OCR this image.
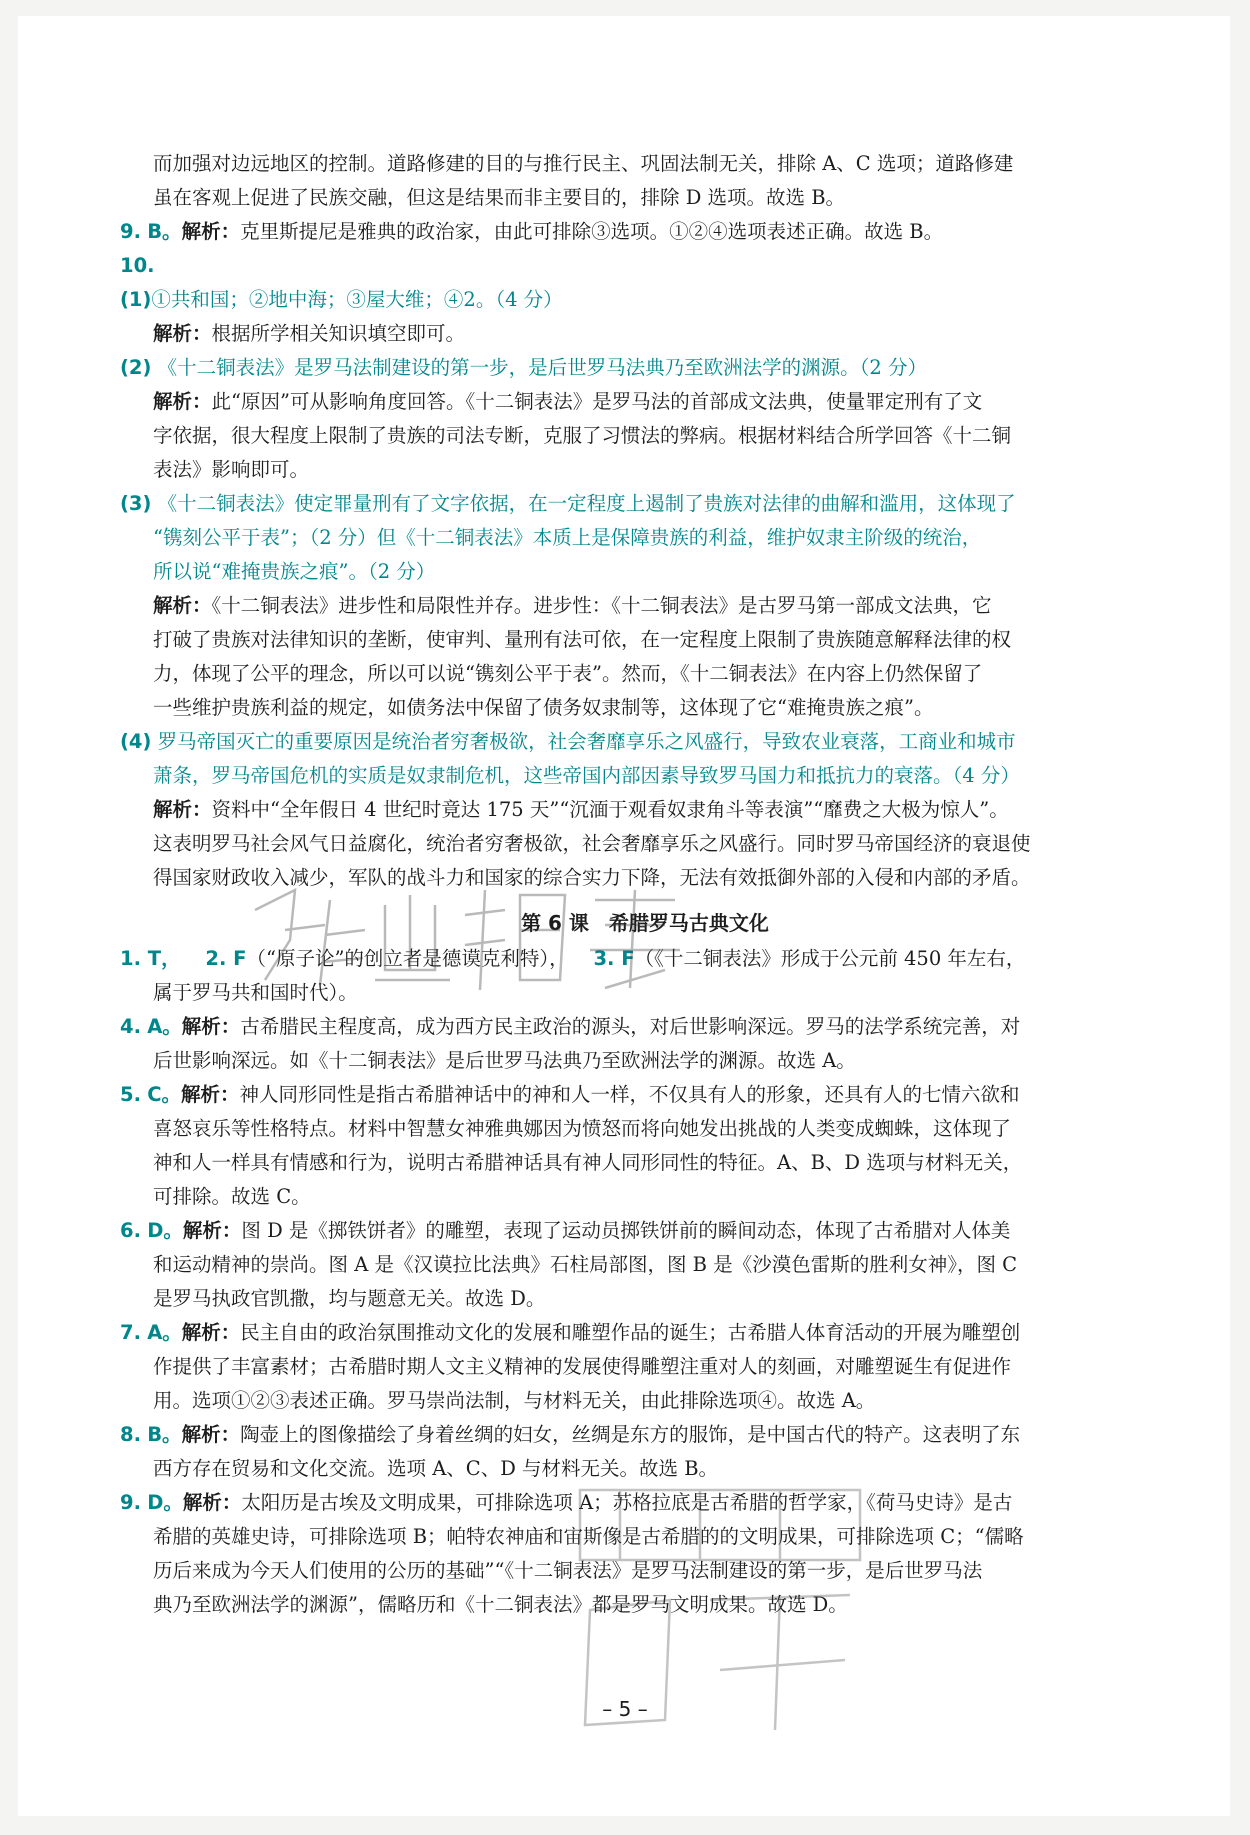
而加强对边远地区的控制。道路修建的目的与推行民主、巩固法制无关，排除 A、C 选项；道路修建

虽在客观上促进了民族交融，但这是结果而非主要目的，排除 D 选项。故选 B。

9. B。解析：克里斯提尼是雅典的政治家，由此可排除③选项。①②④选项表述正确。故选 B。

10.

(1)①共和国；②地中海；③屋大维；④2。（4 分）

解析：根据所学相关知识填空即可。

(2) 《十二铜表法》是罗马法制建设的第一步，是后世罗马法典乃至欧洲法学的渊源。（2 分）

解析：此“原因”可从影响角度回答。《十二铜表法》是罗马法的首部成文法典，使量罪定刑有了文

字依据，很大程度上限制了贵族的司法专断，克服了习惯法的弊病。根据材料结合所学回答《十二铜

表法》影响即可。

(3) 《十二铜表法》使定罪量刑有了文字依据，在一定程度上遏制了贵族对法律的曲解和滥用，这体现了

“镌刻公平于表”；（2 分）但《十二铜表法》本质上是保障贵族的利益，维护奴隶主阶级的统治，

所以说“难掩贵族之痕”。（2 分）

解析：《十二铜表法》进步性和局限性并存。进步性：《十二铜表法》是古罗马第一部成文法典，它

打破了贵族对法律知识的垄断，使审判、量刑有法可依，在一定程度上限制了贵族随意解释法律的权

力，体现了公平的理念，所以可以说“镌刻公平于表”。然而，《十二铜表法》在内容上仍然保留了

一些维护贵族利益的规定，如债务法中保留了债务奴隶制等，这体现了它“难掩贵族之痕”。

(4) 罗马帝国灭亡的重要原因是统治者穷奢极欲，社会奢靡享乐之风盛行，导致农业衰落，工商业和城市

萧条，罗马帝国危机的实质是奴隶制危机，这些帝国内部因素导致罗马国力和抵抗力的衰落。（4 分）

解析：资料中“全年假日 4 世纪时竟达 175 天”“沉湎于观看奴隶角斗等表演”“靡费之大极为惊人”。

这表明罗马社会风气日益腐化，统治者穷奢极欲，社会奢靡享乐之风盛行。同时罗马帝国经济的衰退使

得国家财政收入减少，军队的战斗力和国家的综合实力下降，无法有效抵御外部的入侵和内部的矛盾。

第 6 课　希腊罗马古典文化

1. T， 2. F（“原子论”的创立者是德谟克利特）， 3. F（《十二铜表法》形成于公元前 450 年左右，

属于罗马共和国时代）。

4. A。解析：古希腊民主程度高，成为西方民主政治的源头，对后世影响深远。罗马的法学系统完善，对

后世影响深远。如《十二铜表法》是后世罗马法典乃至欧洲法学的渊源。故选 A。

5. C。解析：神人同形同性是指古希腊神话中的神和人一样，不仅具有人的形象，还具有人的七情六欲和

喜怒哀乐等性格特点。材料中智慧女神雅典娜因为愤怒而将向她发出挑战的人类变成蜘蛛，这体现了

神和人一样具有情感和行为，说明古希腊神话具有神人同形同性的特征。A、B、D 选项与材料无关，

可排除。故选 C。

6. D。解析：图 D 是《掷铁饼者》的雕塑，表现了运动员掷铁饼前的瞬间动态，体现了古希腊对人体美

和运动精神的崇尚。图 A 是《汉谟拉比法典》石柱局部图，图 B 是《沙漠色雷斯的胜利女神》，图 C

是罗马执政官凯撒，均与题意无关。故选 D。

7. A。解析：民主自由的政治氛围推动文化的发展和雕塑作品的诞生；古希腊人体育活动的开展为雕塑创

作提供了丰富素材；古希腊时期人文主义精神的发展使得雕塑注重对人的刻画，对雕塑诞生有促进作

用。选项①②③表述正确。罗马崇尚法制，与材料无关，由此排除选项④。故选 A。

8. B。解析：陶壶上的图像描绘了身着丝绸的妇女，丝绸是东方的服饰，是中国古代的特产。这表明了东

西方存在贸易和文化交流。选项 A、C、D 与材料无关。故选 B。

9. D。解析：太阳历是古埃及文明成果，可排除选项 A；苏格拉底是古希腊的哲学家，《荷马史诗》是古

希腊的英雄史诗，可排除选项 B；帕特农神庙和宙斯像是古希腊的的文明成果，可排除选项 C；“儒略

历后来成为今天人们使用的公历的基础”“《十二铜表法》是罗马法制建设的第一步，是后世罗马法

典乃至欧洲法学的渊源”，儒略历和《十二铜表法》都是罗马文明成果。故选 D。

– 5 –
